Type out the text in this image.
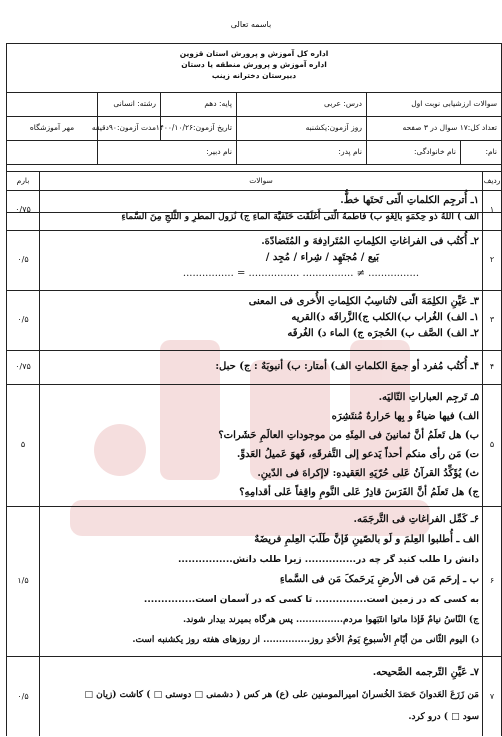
باسمه تعالی
اداره کل آموزش و پرورش استان قزوین
اداره آموزش و پرورش منطقه یا دستان
دبیرستان دخترانه زینب
سوالات ارزشیابی نوبت اول
درس: عربی
پایه: دهم
رشته: انسانی
تعداد کل:۱۷ سوال در ۳ صفحه
روز آزمون:یکشنبه
تاریخ آزمون:۱۴۰۰/۱۰/۲۶
مدت آزمون:۹۰دقیقه
نام:
نام خانوادگی:
نام پدر:
نام دبیر:
مهر آموزشگاه
ردیف
سوالات
بارم
۱
۰/۷۵
۱ـ أُترجِم الکلماتِ الّتی تَحتَها خطٌّ.
الف ) اللهُ ذو حِکمَهٍ بالِغَهٍ ب) فاطمهُ الّتی أَغلَقَت حَنَفیَّهَ الماءِ ج) نُزولَ المطرِ و الثَّلجِ مِنَ السَّماءِ
۲
۰/۵
۲ـ أُکتُب فی الفراغاتِ الکلِماتِ المُتَرادِفهَ و المُتَضادّهَ.
بَیع / مُجتَهِد / شِراء / مُجِد /
................ ≠ ................ ................ = ................
۳
۰/۵
۳ـ عَیِّنِ الکلِمَهَ الّتی لاتُناسِبُ الکلِماتِ الأُخری فی المعنی
۱ـ الف) الغُراب ب)الکلب ج)الزَّرافَه د)القریه
۲ـ الف) الصَّف ب) الحُجرَه ج) الماء د) الغُرفَه
۴
۰/۷۵	۴ـ أُکتُب مُفرد أو جمعَ الکلماتِ الف) أمتار: ب) أنبوبَهٌ : ج) حبل:
۵
۵
۵ـ تَرجِم العباراتِ التّالیَه.
الف) فیها ضیاءٌ و بِها حَرارهٌ مُنتَشِرَه
ب) هل تَعلَمُ أنَّ ثمانینَ فی المِئَهِ من موجوداتِ العالَمِ حَشَرات؟
ت) مَن رأی منکم أحداً یَدعو إلی التَّفرقَهِ، فَهوَ عَمیلُ العَدوِّ.
ث) یُؤَکِّدُ القرآنُ عَلی حُرّیَهِ العَقیدهِ: لاإکراهَ فی الدّینِ.
ج) هل تَعلَمُ أنَّ الفَرَسَ قادِرٌ عَلی النَّومِ واقِفاً عَلی أقدامِهِ؟
۶
۱/۵
۶ـ کَمِّل الفراغاتِ فی التَّرجَمَه.
الف ـ أُطلبوا العِلمَ و لَو بالصّینِ فَإنَّ طَلَبَ العِلمِ فریضَهٌ
دانش را طلب کنید گر چه در............... زیرا طلب دانش................
ب ـ إرحَم مَن فی الأرضِ یَرحَمکَ مَن فی السَّماءِ
به کسی که در زمین است............... تا کسی که در آسمان است...............
ج) النّاسُ نیامٌ فَإذا ماتوا انتَبَهوا مردم............... پس هرگاه بمیرند بیدار شوند.
د) الیوم الثّانی من أیّامِ الأسبوعِ یَومُ الأحَدِ روز............... از روزهای هفته روز یکشنبه است.
۷
۰/۵
۷ـ عَیِّنِ التّرجمه الصَّحیحه.
مَن زَرَعَ العَدوانَ حَصَدَ الخُسرانَ امیرالمومنین علی (ع) هر کس ( دشمنی □ دوستی □ ) کاشت (زیان □
سود □ ) درو کرد.
